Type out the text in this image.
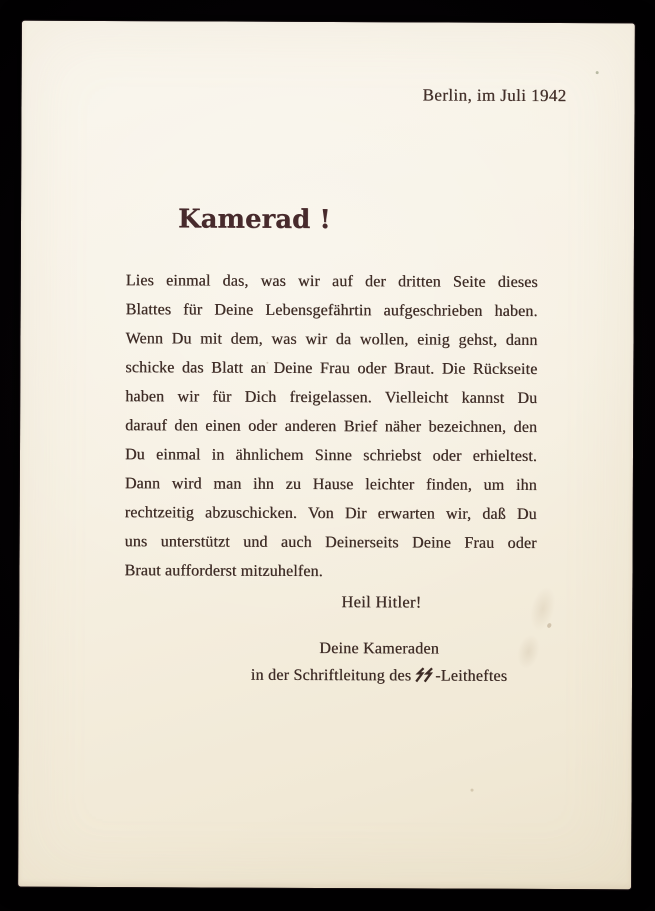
Berlin, im Juli 1942
Kamerad !
Lies einmal das, was wir auf der dritten Seite dieses
Blattes für Deine Lebensgefährtin aufgeschrieben haben.
Wenn Du mit dem, was wir da wollen, einig gehst, dann
schicke das Blatt an Deine Frau oder Braut. Die Rückseite
haben wir für Dich freigelassen. Vielleicht kannst Du
darauf den einen oder anderen Brief näher bezeichnen, den
Du einmal in ähnlichem Sinne schriebst oder erhieltest.
Dann wird man ihn zu Hause leichter finden, um ihn
rechtzeitig abzuschicken. Von Dir erwarten wir, daß Du
uns unterstützt und auch Deinerseits Deine Frau oder
Braut aufforderst mitzuhelfen.
Heil Hitler!
Deine Kameraden
in der Schriftleitung des -Leitheftes
